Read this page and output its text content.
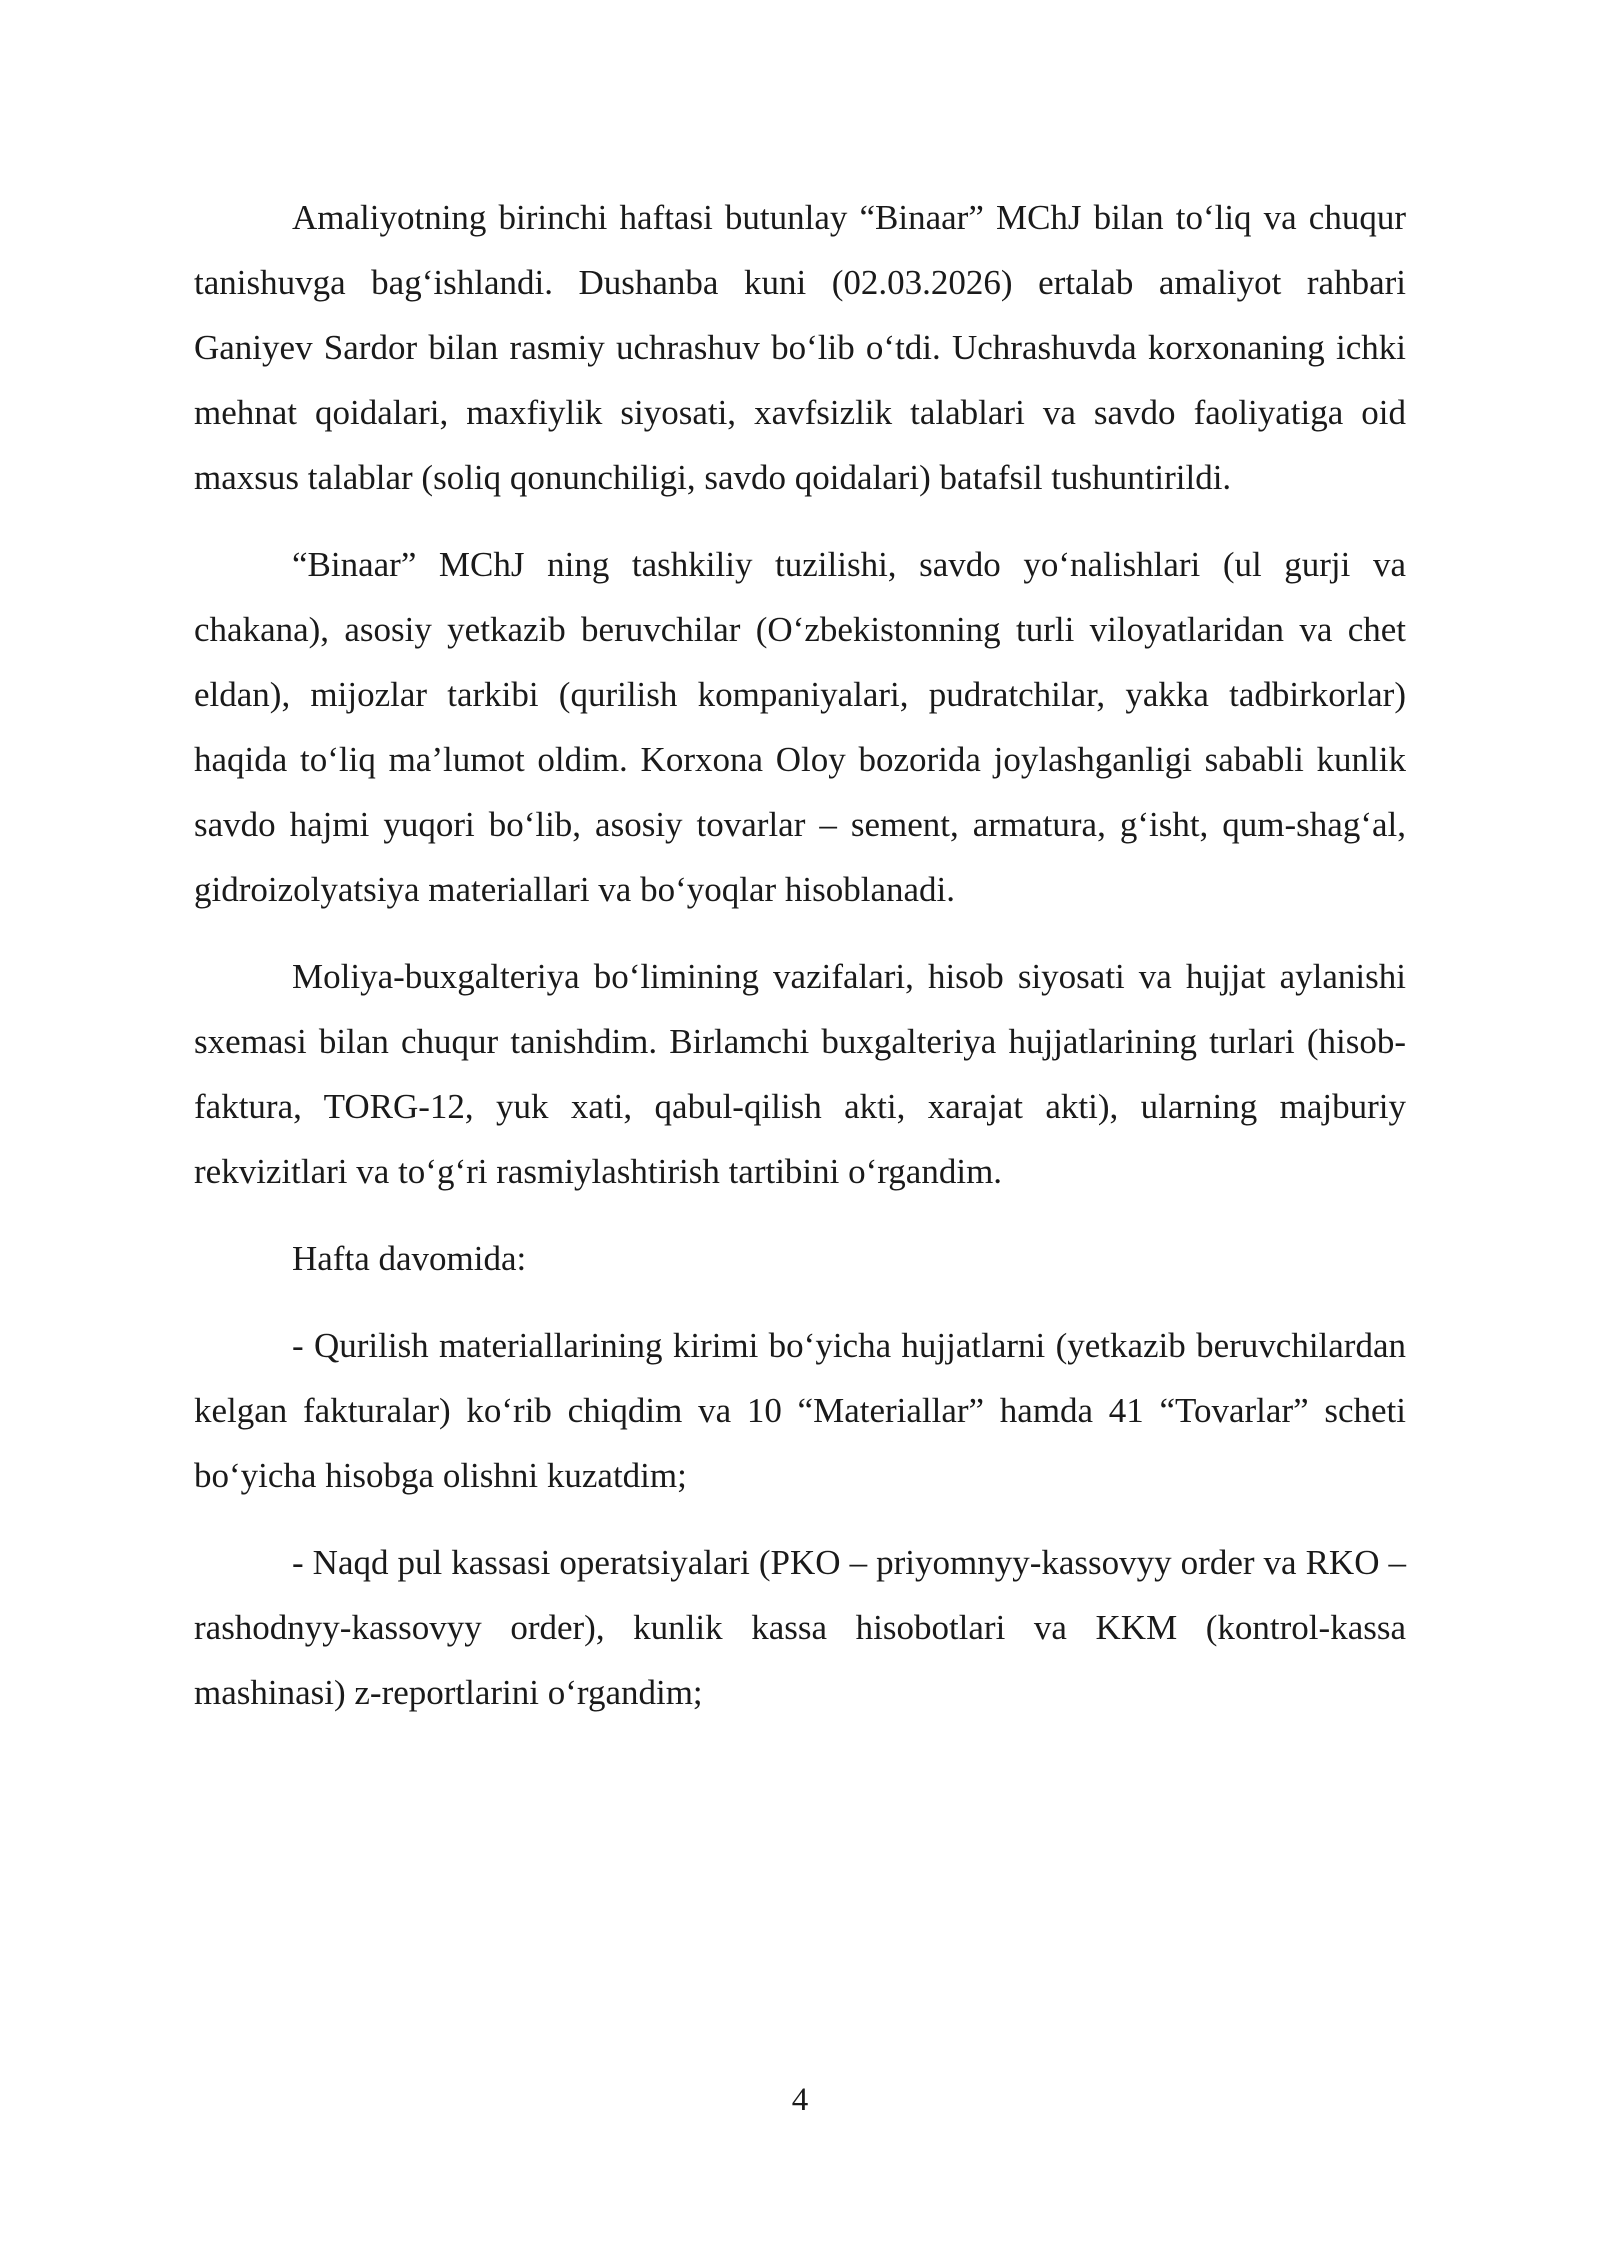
Amaliyotning birinchi haftasi butunlay “Binaar” MChJ bilan to‘liq va chuqur tanishuvga bag‘ishlandi. Dushanba kuni (02.03.2026) ertalab amaliyot rahbari Ganiyev Sardor bilan rasmiy uchrashuv bo‘lib o‘tdi. Uchrashuvda korxonaning ichki mehnat qoidalari, maxfiylik siyosati, xavfsizlik talablari va savdo faoliyatiga oid maxsus talablar (soliq qonunchiligi, savdo qoidalari) batafsil tushuntirildi.

“Binaar” MChJ ning tashkiliy tuzilishi, savdo yo‘nalishlari (ul gurji va chakana), asosiy yetkazib beruvchilar (O‘zbekistonning turli viloyatlaridan va chet eldan), mijozlar tarkibi (qurilish kompaniyalari, pudratchilar, yakka tadbirkorlar) haqida to‘liq ma’lumot oldim. Korxona Oloy bozorida joylashganligi sababli kunlik savdo hajmi yuqori bo‘lib, asosiy tovarlar – sement, armatura, g‘isht, qum-shag‘al, gidroizolyatsiya materiallari va bo‘yoqlar hisoblanadi.

Moliya-buxgalteriya bo‘limining vazifalari, hisob siyosati va hujjat aylanishi sxemasi bilan chuqur tanishdim. Birlamchi buxgalteriya hujjatlarining turlari (hisob-faktura, TORG-12, yuk xati, qabul-qilish akti, xarajat akti), ularning majburiy rekvizitlari va to‘g‘ri rasmiylashtirish tartibini o‘rgandim.

Hafta davomida:

- Qurilish materiallarining kirimi bo‘yicha hujjatlarni (yetkazib beruvchilardan kelgan fakturalar) ko‘rib chiqdim va 10 “Materiallar” hamda 41 “Tovarlar” scheti bo‘yicha hisobga olishni kuzatdim;

- Naqd pul kassasi operatsiyalari (PKO – priyomnyy-kassovyy order va RKO – rashodnyy-kassovyy order), kunlik kassa hisobotlari va KKM (kontrol-kassa mashinasi) z-reportlarini o‘rgandim;

4
